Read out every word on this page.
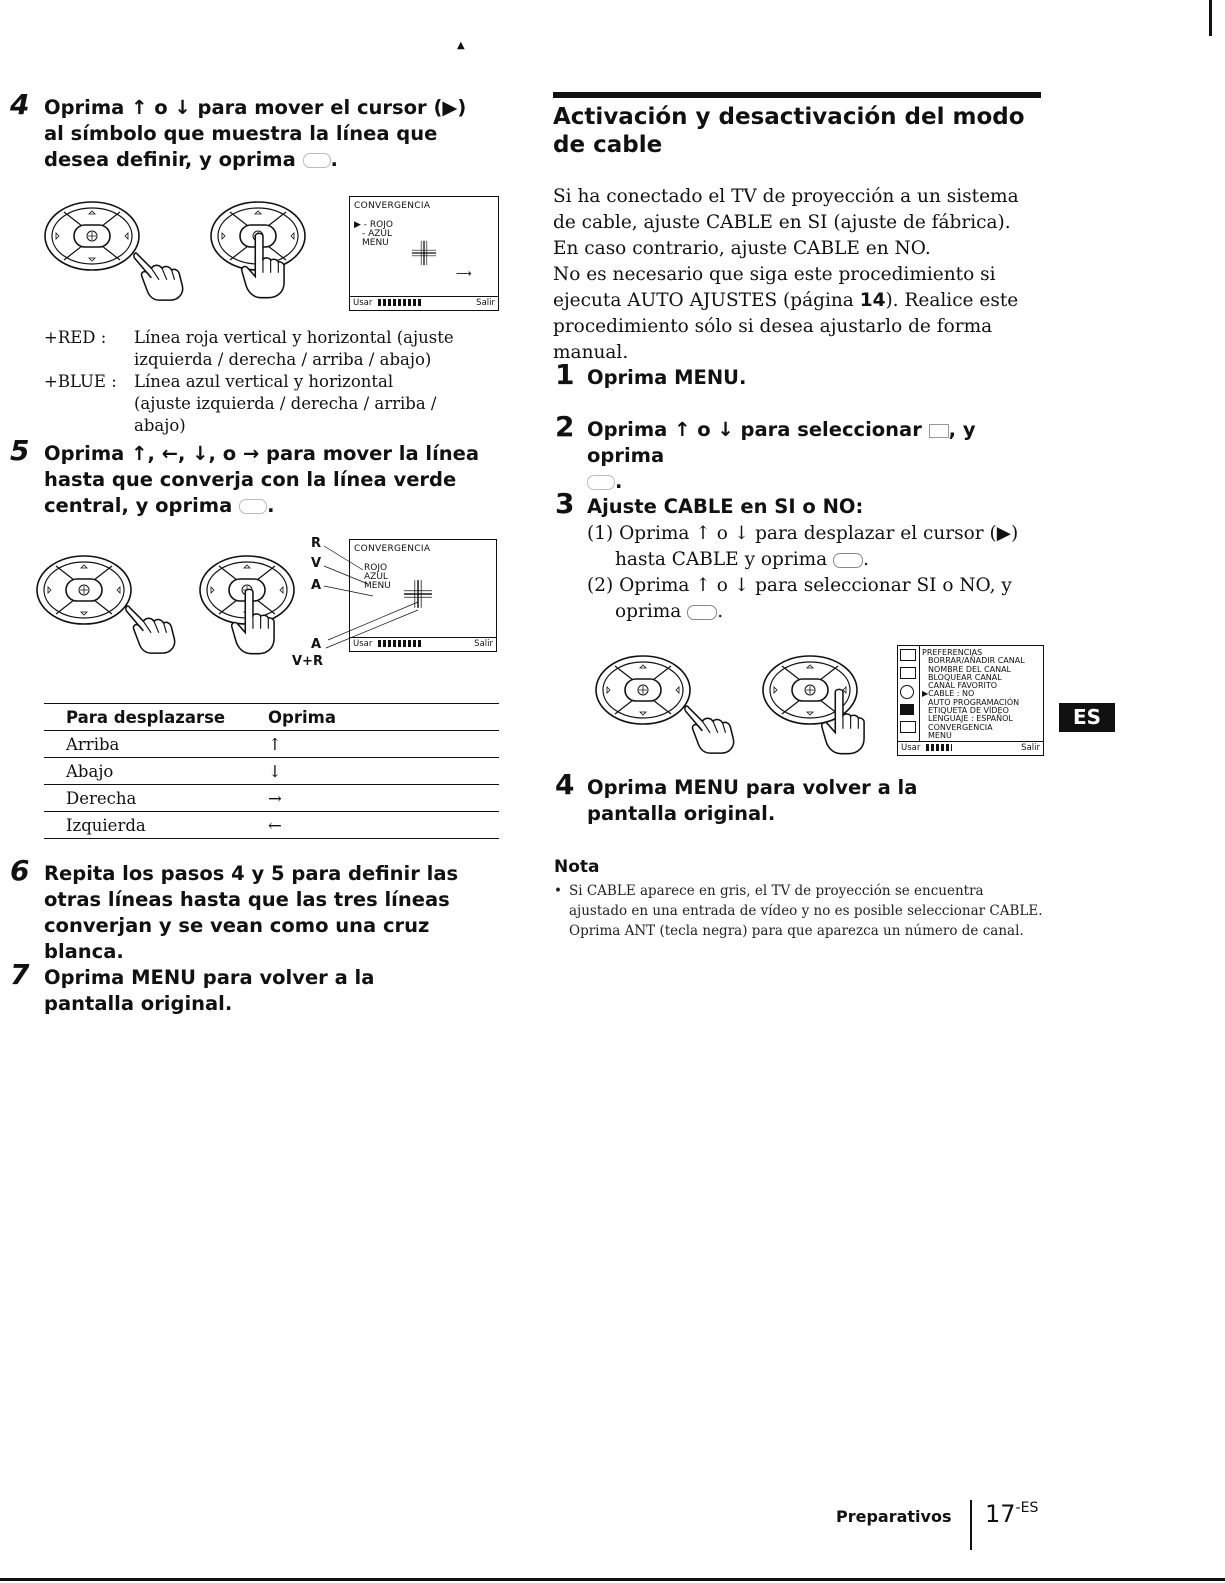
▲
4 Oprima ↑ o ↓ para mover el cursor (▶) al símbolo que muestra la línea que desea definir, y oprima .
CONVERGENCIA
▶ - ROJO
- AZUL
MENU
⟶
Usar	Salir
+RED : Línea roja vertical y horizontal (ajuste izquierda / derecha / arriba / abajo)
+BLUE : Línea azul vertical y horizontal (ajuste izquierda / derecha / arriba / abajo)
5 Oprima ↑, ←, ↓, o → para mover la línea hasta que converja con la línea verde central, y oprima .
R
V
A
A
V+R
CONVERGENCIA
ROJO
AZUL
MENU
Usar	Salir
Para desplazarse	Oprima
Arriba	↑
Abajo	↓
Derecha	→
Izquierda	←
6 Repita los pasos 4 y 5 para definir las otras líneas hasta que las tres líneas converjan y se vean como una cruz blanca.
7 Oprima MENU para volver a la pantalla original.
Activación y desactivación del modo de cable
Si ha conectado el TV de proyección a un sistema de cable, ajuste CABLE en SI (ajuste de fábrica). En caso contrario, ajuste CABLE en NO.
No es necesario que siga este procedimiento si ejecuta AUTO AJUSTES (página 14). Realice este procedimiento sólo si desea ajustarlo de forma manual.
1 Oprima MENU.
2 Oprima ↑ o ↓ para seleccionar , y oprima
.
3 Ajuste CABLE en SI o NO:
(1) Oprima ↑ o ↓ para desplazar el cursor (▶) hasta CABLE y oprima .
(2) Oprima ↑ o ↓ para seleccionar SI o NO, y oprima .
PREFERENCIAS
BORRAR/AÑADIR CANAL
NOMBRE DEL CANAL
BLOQUEAR CANAL
CANAL FAVORITO
▶CABLE : NO
AUTO PROGRAMACIÓN
ETIQUETA DE VÍDEO
LENGUAJE : ESPAÑOL
CONVERGENCIA
MENU
Usar	Salir
ES
4 Oprima MENU para volver a la pantalla original.
Nota
• Si CABLE aparece en gris, el TV de proyección se encuentra ajustado en una entrada de vídeo y no es posible seleccionar CABLE. Oprima ANT (tecla negra) para que aparezca un número de canal.
Preparativos 17-ES
